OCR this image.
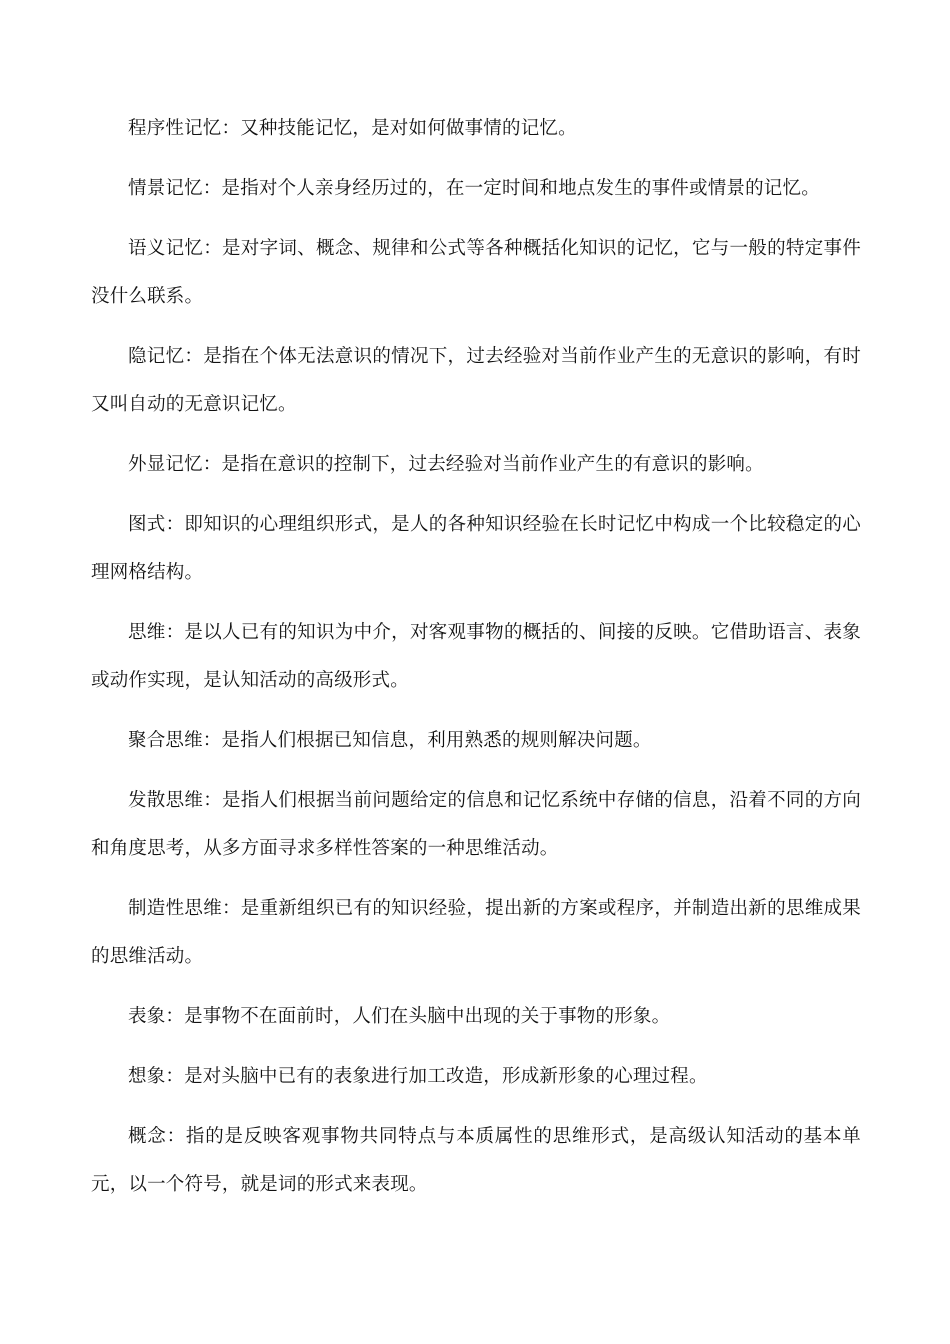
程序性记忆：又种技能记忆，是对如何做事情的记忆。

情景记忆：是指对个人亲身经历过的，在一定时间和地点发生的事件或情景的记忆。

语义记忆：是对字词、概念、规律和公式等各种概括化知识的记忆，它与一般的特定事件没什么联系。

隐记忆：是指在个体无法意识的情况下，过去经验对当前作业产生的无意识的影响，有时又叫自动的无意识记忆。

外显记忆：是指在意识的控制下，过去经验对当前作业产生的有意识的影响。

图式：即知识的心理组织形式，是人的各种知识经验在长时记忆中构成一个比较稳定的心理网格结构。

思维：是以人已有的知识为中介，对客观事物的概括的、间接的反映。它借助语言、表象或动作实现，是认知活动的高级形式。

聚合思维：是指人们根据已知信息，利用熟悉的规则解决问题。

发散思维：是指人们根据当前问题给定的信息和记忆系统中存储的信息，沿着不同的方向和角度思考，从多方面寻求多样性答案的一种思维活动。

制造性思维：是重新组织已有的知识经验，提出新的方案或程序，并制造出新的思维成果的思维活动。

表象：是事物不在面前时，人们在头脑中出现的关于事物的形象。

想象：是对头脑中已有的表象进行加工改造，形成新形象的心理过程。

概念：指的是反映客观事物共同特点与本质属性的思维形式，是高级认知活动的基本单元，以一个符号，就是词的形式来表现。
